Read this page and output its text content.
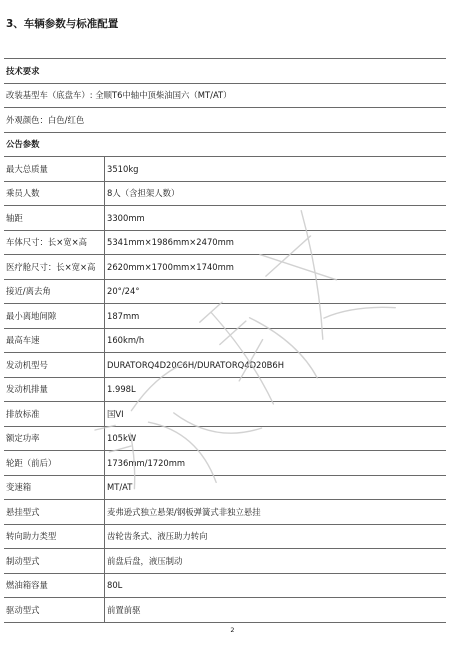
3、车辆参数与标准配置
技术要求	
改装基型车（底盘车）: 全顺T6中轴中顶柴油国六（MT/AT）	
外观颜色：白色/红色	
公告参数	
最大总质量	3510kg
乘员人数	8人（含担架人数）
轴距	3300mm
车体尺寸：长×宽×高	5341mm×1986mm×2470mm
医疗舱尺寸：长×宽×高	2620mm×1700mm×1740mm
接近/离去角	20°/24°
最小离地间隙	187mm
最高车速	160km/h
发动机型号	DURATORQ4D20C6H/DURATORQ4D20B6H
发动机排量	1.998L
排放标准	国VI
额定功率	105kW
轮距（前后）	1736mm/1720mm
变速箱	MT/AT
悬挂型式	麦弗逊式独立悬架/钢板弹簧式非独立悬挂
转向助力类型	齿轮齿条式、液压助力转向
制动型式	前盘后盘，液压制动
燃油箱容量	80L
驱动型式	前置前驱
汇铃改装
2
